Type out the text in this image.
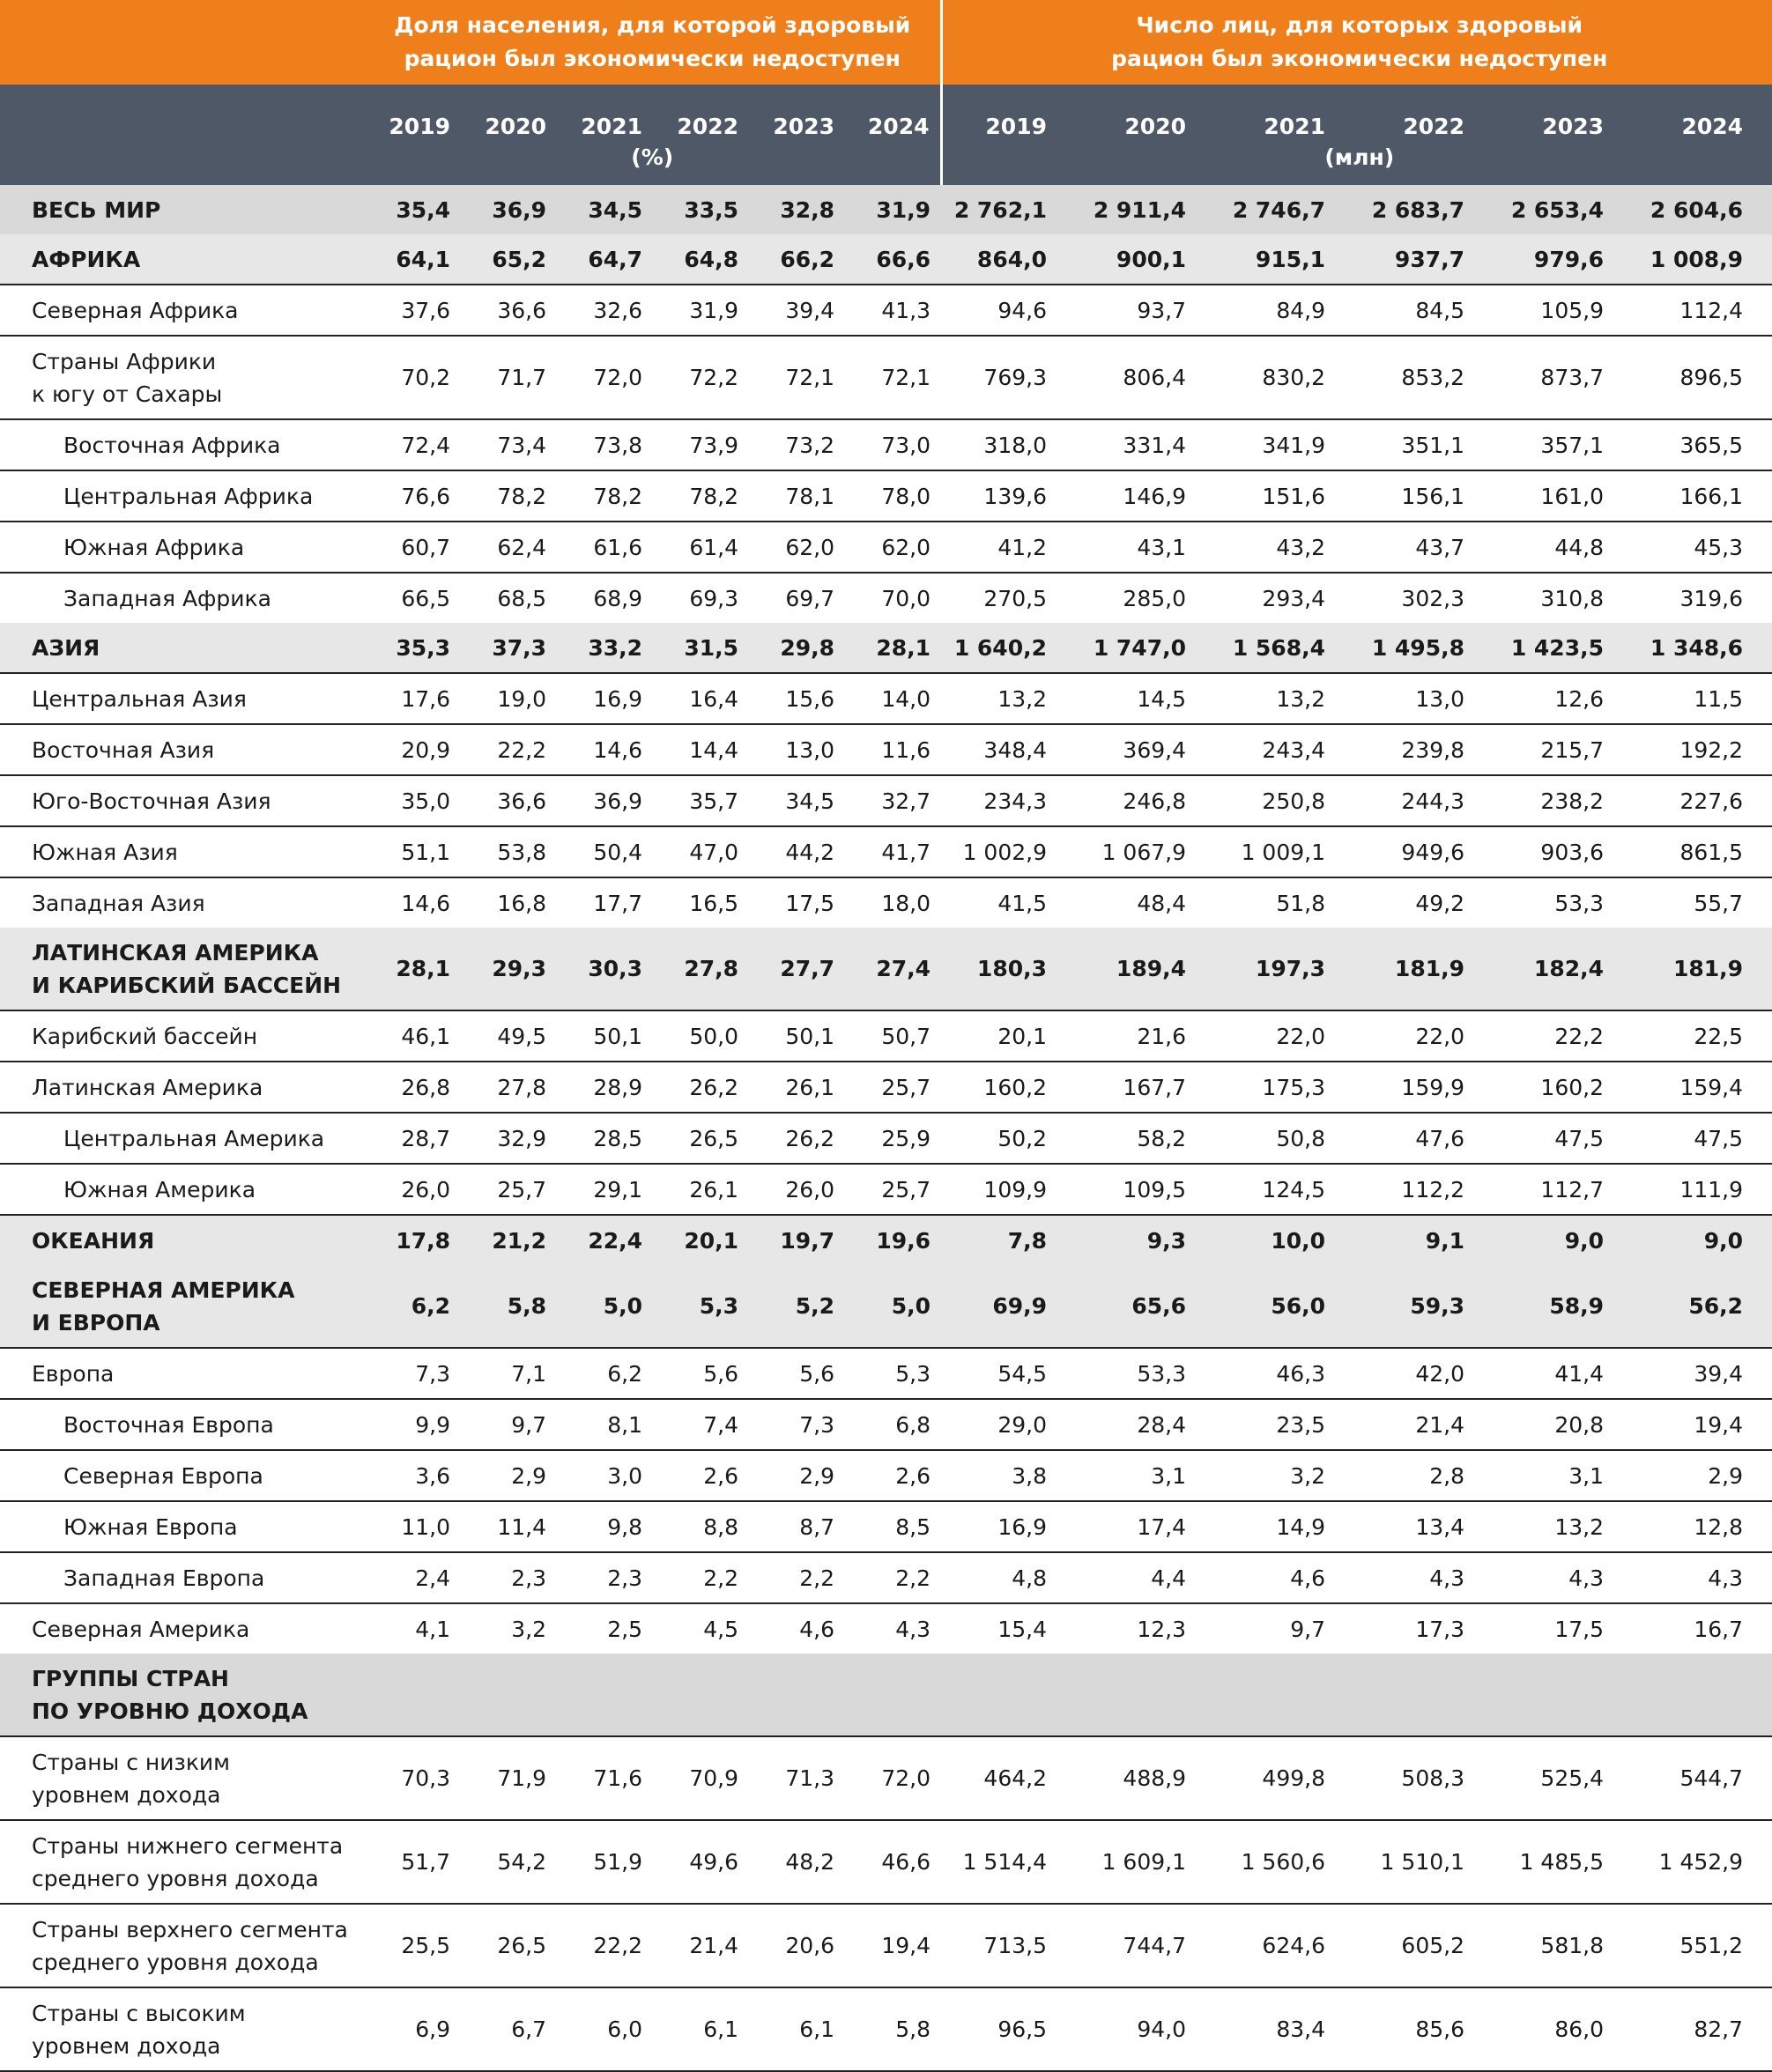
	Доля населения, для которой здоровый рацион был экономически недоступен						Число лиц, для которых здоровый рацион был экономически недоступен					

	2019	2020	2021	2022	2023	2024	2019	2020	2021	2022	2023	2024
	(%)						(млн)					
ВЕСЬ МИР	35,4	36,9	34,5	33,5	32,8	31,9	2 762,1	2 911,4	2 746,7	2 683,7	2 653,4	2 604,6
АФРИКА	64,1	65,2	64,7	64,8	66,2	66,6	864,0	900,1	915,1	937,7	979,6	1 008,9
Северная Африка	37,6	36,6	32,6	31,9	39,4	41,3	94,6	93,7	84,9	84,5	105,9	112,4
Страны Африки
к югу от Сахары	70,2	71,7	72,0	72,2	72,1	72,1	769,3	806,4	830,2	853,2	873,7	896,5
Восточная Африка	72,4	73,4	73,8	73,9	73,2	73,0	318,0	331,4	341,9	351,1	357,1	365,5
Центральная Африка	76,6	78,2	78,2	78,2	78,1	78,0	139,6	146,9	151,6	156,1	161,0	166,1
Южная Африка	60,7	62,4	61,6	61,4	62,0	62,0	41,2	43,1	43,2	43,7	44,8	45,3
Западная Африка	66,5	68,5	68,9	69,3	69,7	70,0	270,5	285,0	293,4	302,3	310,8	319,6
АЗИЯ	35,3	37,3	33,2	31,5	29,8	28,1	1 640,2	1 747,0	1 568,4	1 495,8	1 423,5	1 348,6
Центральная Азия	17,6	19,0	16,9	16,4	15,6	14,0	13,2	14,5	13,2	13,0	12,6	11,5
Восточная Азия	20,9	22,2	14,6	14,4	13,0	11,6	348,4	369,4	243,4	239,8	215,7	192,2
Юго-Восточная Азия	35,0	36,6	36,9	35,7	34,5	32,7	234,3	246,8	250,8	244,3	238,2	227,6
Южная Азия	51,1	53,8	50,4	47,0	44,2	41,7	1 002,9	1 067,9	1 009,1	949,6	903,6	861,5
Западная Азия	14,6	16,8	17,7	16,5	17,5	18,0	41,5	48,4	51,8	49,2	53,3	55,7
ЛАТИНСКАЯ АМЕРИКА
И КАРИБСКИЙ БАССЕЙН	28,1	29,3	30,3	27,8	27,7	27,4	180,3	189,4	197,3	181,9	182,4	181,9
Карибский бассейн	46,1	49,5	50,1	50,0	50,1	50,7	20,1	21,6	22,0	22,0	22,2	22,5
Латинская Америка	26,8	27,8	28,9	26,2	26,1	25,7	160,2	167,7	175,3	159,9	160,2	159,4
Центральная Америка	28,7	32,9	28,5	26,5	26,2	25,9	50,2	58,2	50,8	47,6	47,5	47,5
Южная Америка	26,0	25,7	29,1	26,1	26,0	25,7	109,9	109,5	124,5	112,2	112,7	111,9
ОКЕАНИЯ	17,8	21,2	22,4	20,1	19,7	19,6	7,8	9,3	10,0	9,1	9,0	9,0
СЕВЕРНАЯ АМЕРИКА
И ЕВРОПА	6,2	5,8	5,0	5,3	5,2	5,0	69,9	65,6	56,0	59,3	58,9	56,2
Европа	7,3	7,1	6,2	5,6	5,6	5,3	54,5	53,3	46,3	42,0	41,4	39,4
Восточная Европа	9,9	9,7	8,1	7,4	7,3	6,8	29,0	28,4	23,5	21,4	20,8	19,4
Северная Европа	3,6	2,9	3,0	2,6	2,9	2,6	3,8	3,1	3,2	2,8	3,1	2,9
Южная Европа	11,0	11,4	9,8	8,8	8,7	8,5	16,9	17,4	14,9	13,4	13,2	12,8
Западная Европа	2,4	2,3	2,3	2,2	2,2	2,2	4,8	4,4	4,6	4,3	4,3	4,3
Северная Америка	4,1	3,2	2,5	4,5	4,6	4,3	15,4	12,3	9,7	17,3	17,5	16,7
ГРУППЫ СТРАН
ПО УРОВНЮ ДОХОДА												
Страны с низким
уровнем дохода	70,3	71,9	71,6	70,9	71,3	72,0	464,2	488,9	499,8	508,3	525,4	544,7
Страны нижнего сегмента
среднего уровня дохода	51,7	54,2	51,9	49,6	48,2	46,6	1 514,4	1 609,1	1 560,6	1 510,1	1 485,5	1 452,9
Страны верхнего сегмента
среднего уровня дохода	25,5	26,5	22,2	21,4	20,6	19,4	713,5	744,7	624,6	605,2	581,8	551,2
Страны с высоким
уровнем дохода	6,9	6,7	6,0	6,1	6,1	5,8	96,5	94,0	83,4	85,6	86,0	82,7
